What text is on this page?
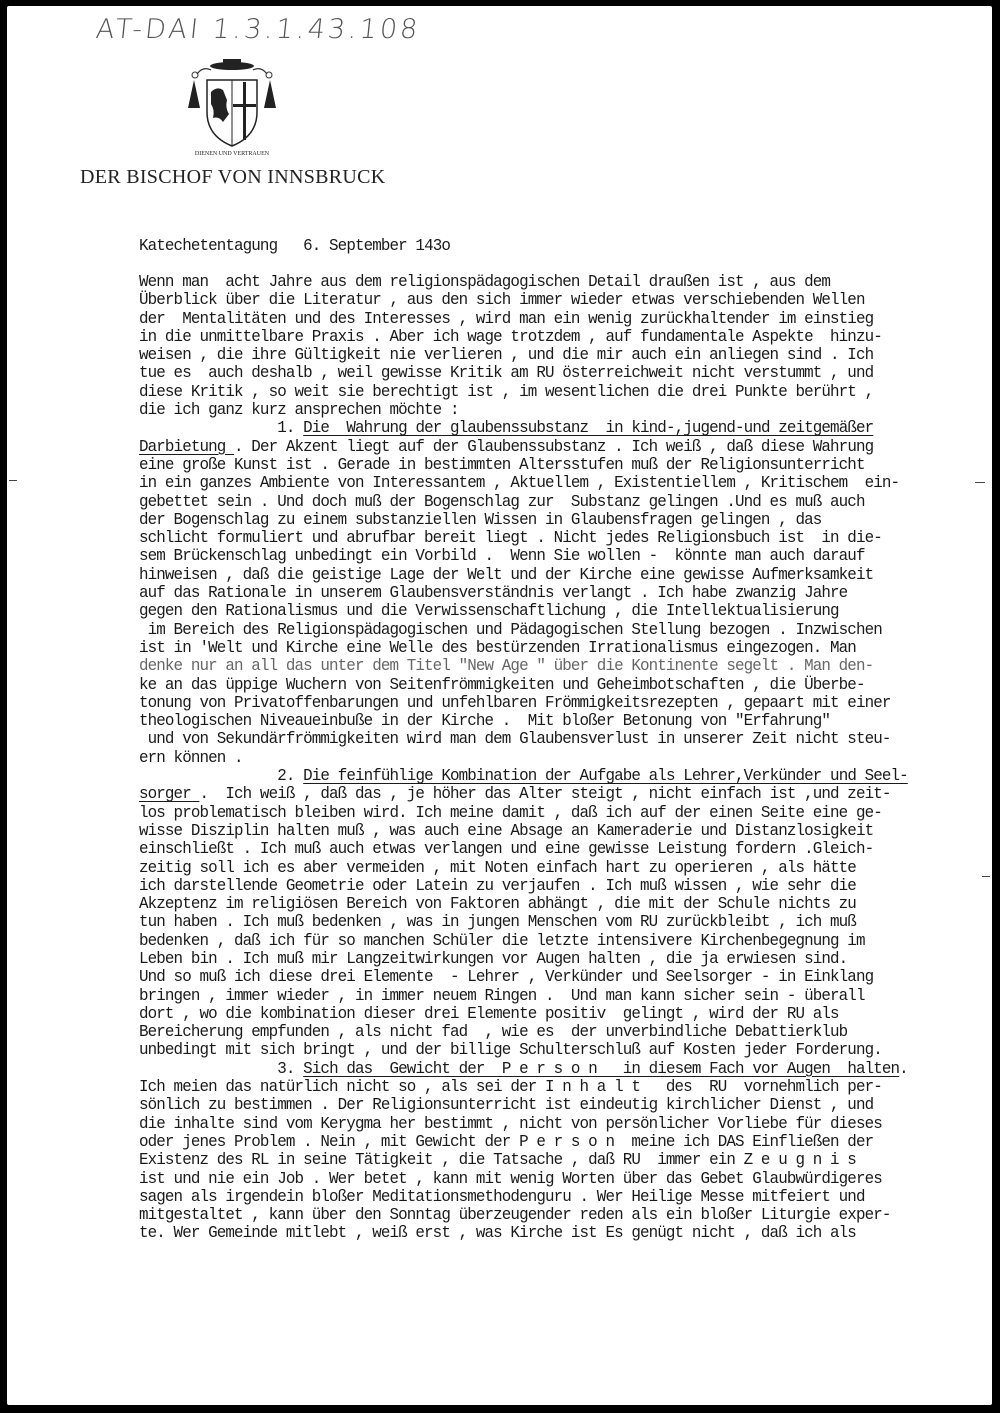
AT-DAI 1.3.1.43.108
DIENEN UND VERTRAUEN
DER BISCHOF VON INNSBRUCK
Katechetentagung 6. September 143o
Wenn man  acht Jahre aus dem religionspädagogischen Detail draußen ist , aus dem
Überblick über die Literatur , aus den sich immer wieder etwas verschiebenden Wellen
der  Mentalitäten und des Interesses , wird man ein wenig zurückhaltender im einstieg
in die unmittelbare Praxis . Aber ich wage trotzdem , auf fundamentale Aspekte  hinzu-
weisen , die ihre Gültigkeit nie verlieren , und die mir auch ein anliegen sind . Ich
tue es  auch deshalb , weil gewisse Kritik am RU österreichweit nicht verstummt , und
diese Kritik , so weit sie berechtigt ist , im wesentlichen die drei Punkte berührt ,
die ich ganz kurz ansprechen möchte :
1. Die  Wahrung der glaubenssubstanz  in kind-,jugend-und zeitgemäßer
Darbietung . Der Akzent liegt auf der Glaubenssubstanz . Ich weiß , daß diese Wahrung
eine große Kunst ist . Gerade in bestimmten Altersstufen muß der Religionsunterricht
in ein ganzes Ambiente von Interessantem , Aktuellem , Existentiellem , Kritischem  ein-
gebettet sein . Und doch muß der Bogenschlag zur  Substanz gelingen .Und es muß auch
der Bogenschlag zu einem substanziellen Wissen in Glaubensfragen gelingen , das
schlicht formuliert und abrufbar bereit liegt . Nicht jedes Religionsbuch ist  in die-
sem Brückenschlag unbedingt ein Vorbild .  Wenn Sie wollen -  könnte man auch darauf
hinweisen , daß die geistige Lage der Welt und der Kirche eine gewisse Aufmerksamkeit
auf das Rationale in unserem Glaubensverständnis verlangt . Ich habe zwanzig Jahre
gegen den Rationalismus und die Verwissenschaftlichung , die Intellektualisierung
im Bereich des Religionspädagogischen und Pädagogischen Stellung bezogen . Inzwischen
ist in 'Welt und Kirche eine Welle des bestürzenden Irrationalismus eingezogen. Man
denke nur an all das unter dem Titel "New Age " über die Kontinente segelt . Man den-
ke an das üppige Wuchern von Seitenfrömmigkeiten und Geheimbotschaften , die Überbe-
tonung von Privatoffenbarungen und unfehlbaren Frömmigkeitsrezepten , gepaart mit einer
theologischen Niveaueinbuße in der Kirche .  Mit bloßer Betonung von "Erfahrung"
und von Sekundärfrömmigkeiten wird man dem Glaubensverlust in unserer Zeit nicht steu-
ern können .
2. Die feinfühlige Kombination der Aufgabe als Lehrer,Verkünder und Seel-
sorger .  Ich weiß , daß das , je höher das Alter steigt , nicht einfach ist ,und zeit-
los problematisch bleiben wird. Ich meine damit , daß ich auf der einen Seite eine ge-
wisse Disziplin halten muß , was auch eine Absage an Kameraderie und Distanzlosigkeit
einschließt . Ich muß auch etwas verlangen und eine gewisse Leistung fordern .Gleich-
zeitig soll ich es aber vermeiden , mit Noten einfach hart zu operieren , als hätte
ich darstellende Geometrie oder Latein zu verjaufen . Ich muß wissen , wie sehr die
Akzeptenz im religiösen Bereich von Faktoren abhängt , die mit der Schule nichts zu
tun haben . Ich muß bedenken , was in jungen Menschen vom RU zurückbleibt , ich muß
bedenken , daß ich für so manchen Schüler die letzte intensivere Kirchenbegegnung im
Leben bin . Ich muß mir Langzeitwirkungen vor Augen halten , die ja erwiesen sind.
Und so muß ich diese drei Elemente  - Lehrer , Verkünder und Seelsorger - in Einklang
bringen , immer wieder , in immer neuem Ringen .  Und man kann sicher sein - überall
dort , wo die kombination dieser drei Elemente positiv  gelingt , wird der RU als
Bereicherung empfunden , als nicht fad  , wie es  der unverbindliche Debattierklub
unbedingt mit sich bringt , und der billige Schulterschluß auf Kosten jeder Forderung.
3. Sich das  Gewicht der  P e r s o n   in diesem Fach vor Augen  halten.
Ich meien das natürlich nicht so , als sei der I n h a l t   des  RU  vornehmlich per-
sönlich zu bestimmen . Der Religionsunterricht ist eindeutig kirchlicher Dienst , und
die inhalte sind vom Kerygma her bestimmt , nicht von persönlicher Vorliebe für dieses
oder jenes Problem . Nein , mit Gewicht der P e r s o n  meine ich DAS Einfließen der
Existenz des RL in seine Tätigkeit , die Tatsache , daß RU  immer ein Z e u g n i s
ist und nie ein Job . Wer betet , kann mit wenig Worten über das Gebet Glaubwürdigeres
sagen als irgendein bloßer Meditationsmethodenguru . Wer Heilige Messe mitfeiert und
mitgestaltet , kann über den Sonntag überzeugender reden als ein bloßer Liturgie exper-
te. Wer Gemeinde mitlebt , weiß erst , was Kirche ist Es genügt nicht , daß ich als
